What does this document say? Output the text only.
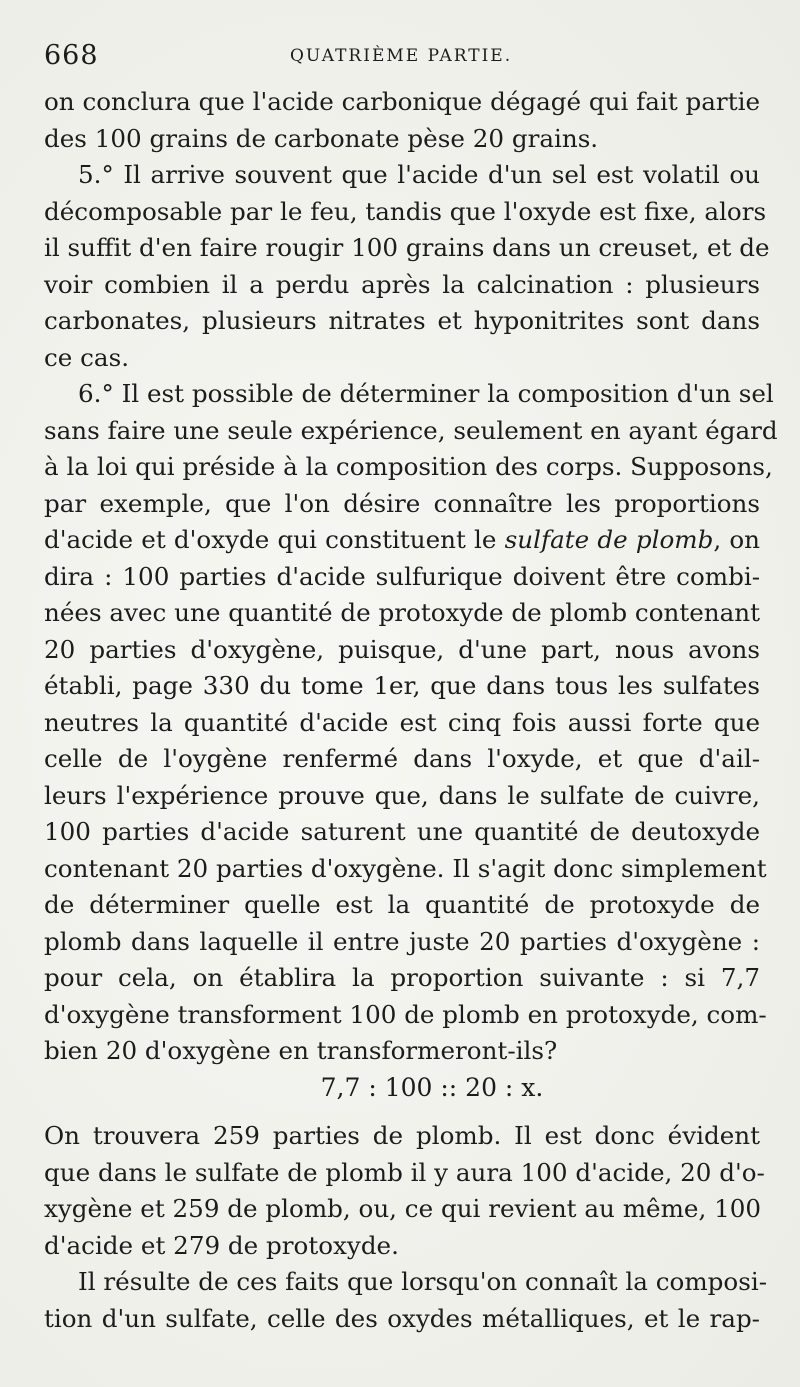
668	QUATRIÈME PARTIE.
on conclura que l'acide carbonique dégagé qui fait partie
des 100 grains de carbonate pèse 20 grains.
5.° Il arrive souvent que l'acide d'un sel est volatil ou
décomposable par le feu, tandis que l'oxyde est fixe, alors
il suffit d'en faire rougir 100 grains dans un creuset, et de
voir combien il a perdu après la calcination : plusieurs
carbonates, plusieurs nitrates et hyponitrites sont dans
ce cas.
6.° Il est possible de déterminer la composition d'un sel
sans faire une seule expérience, seulement en ayant égard
à la loi qui préside à la composition des corps. Supposons,
par exemple, que l'on désire connaître les proportions
d'acide et d'oxyde qui constituent le sulfate de plomb, on
dira : 100 parties d'acide sulfurique doivent être combi-
nées avec une quantité de protoxyde de plomb contenant
20 parties d'oxygène, puisque, d'une part, nous avons
établi, page 330 du tome 1er, que dans tous les sulfates
neutres la quantité d'acide est cinq fois aussi forte que
celle de l'oygène renfermé dans l'oxyde, et que d'ail-
leurs l'expérience prouve que, dans le sulfate de cuivre,
100 parties d'acide saturent une quantité de deutoxyde
contenant 20 parties d'oxygène. Il s'agit donc simplement
de déterminer quelle est la quantité de protoxyde de
plomb dans laquelle il entre juste 20 parties d'oxygène :
pour cela, on établira la proportion suivante : si 7,7
d'oxygène transforment 100 de plomb en protoxyde, com-
bien 20 d'oxygène en transformeront-ils?
7,7 : 100 :: 20 : x.
On trouvera 259 parties de plomb. Il est donc évident
que dans le sulfate de plomb il y aura 100 d'acide, 20 d'o-
xygène et 259 de plomb, ou, ce qui revient au même, 100
d'acide et 279 de protoxyde.
Il résulte de ces faits que lorsqu'on connaît la composi-
tion d'un sulfate, celle des oxydes métalliques, et le rap-
